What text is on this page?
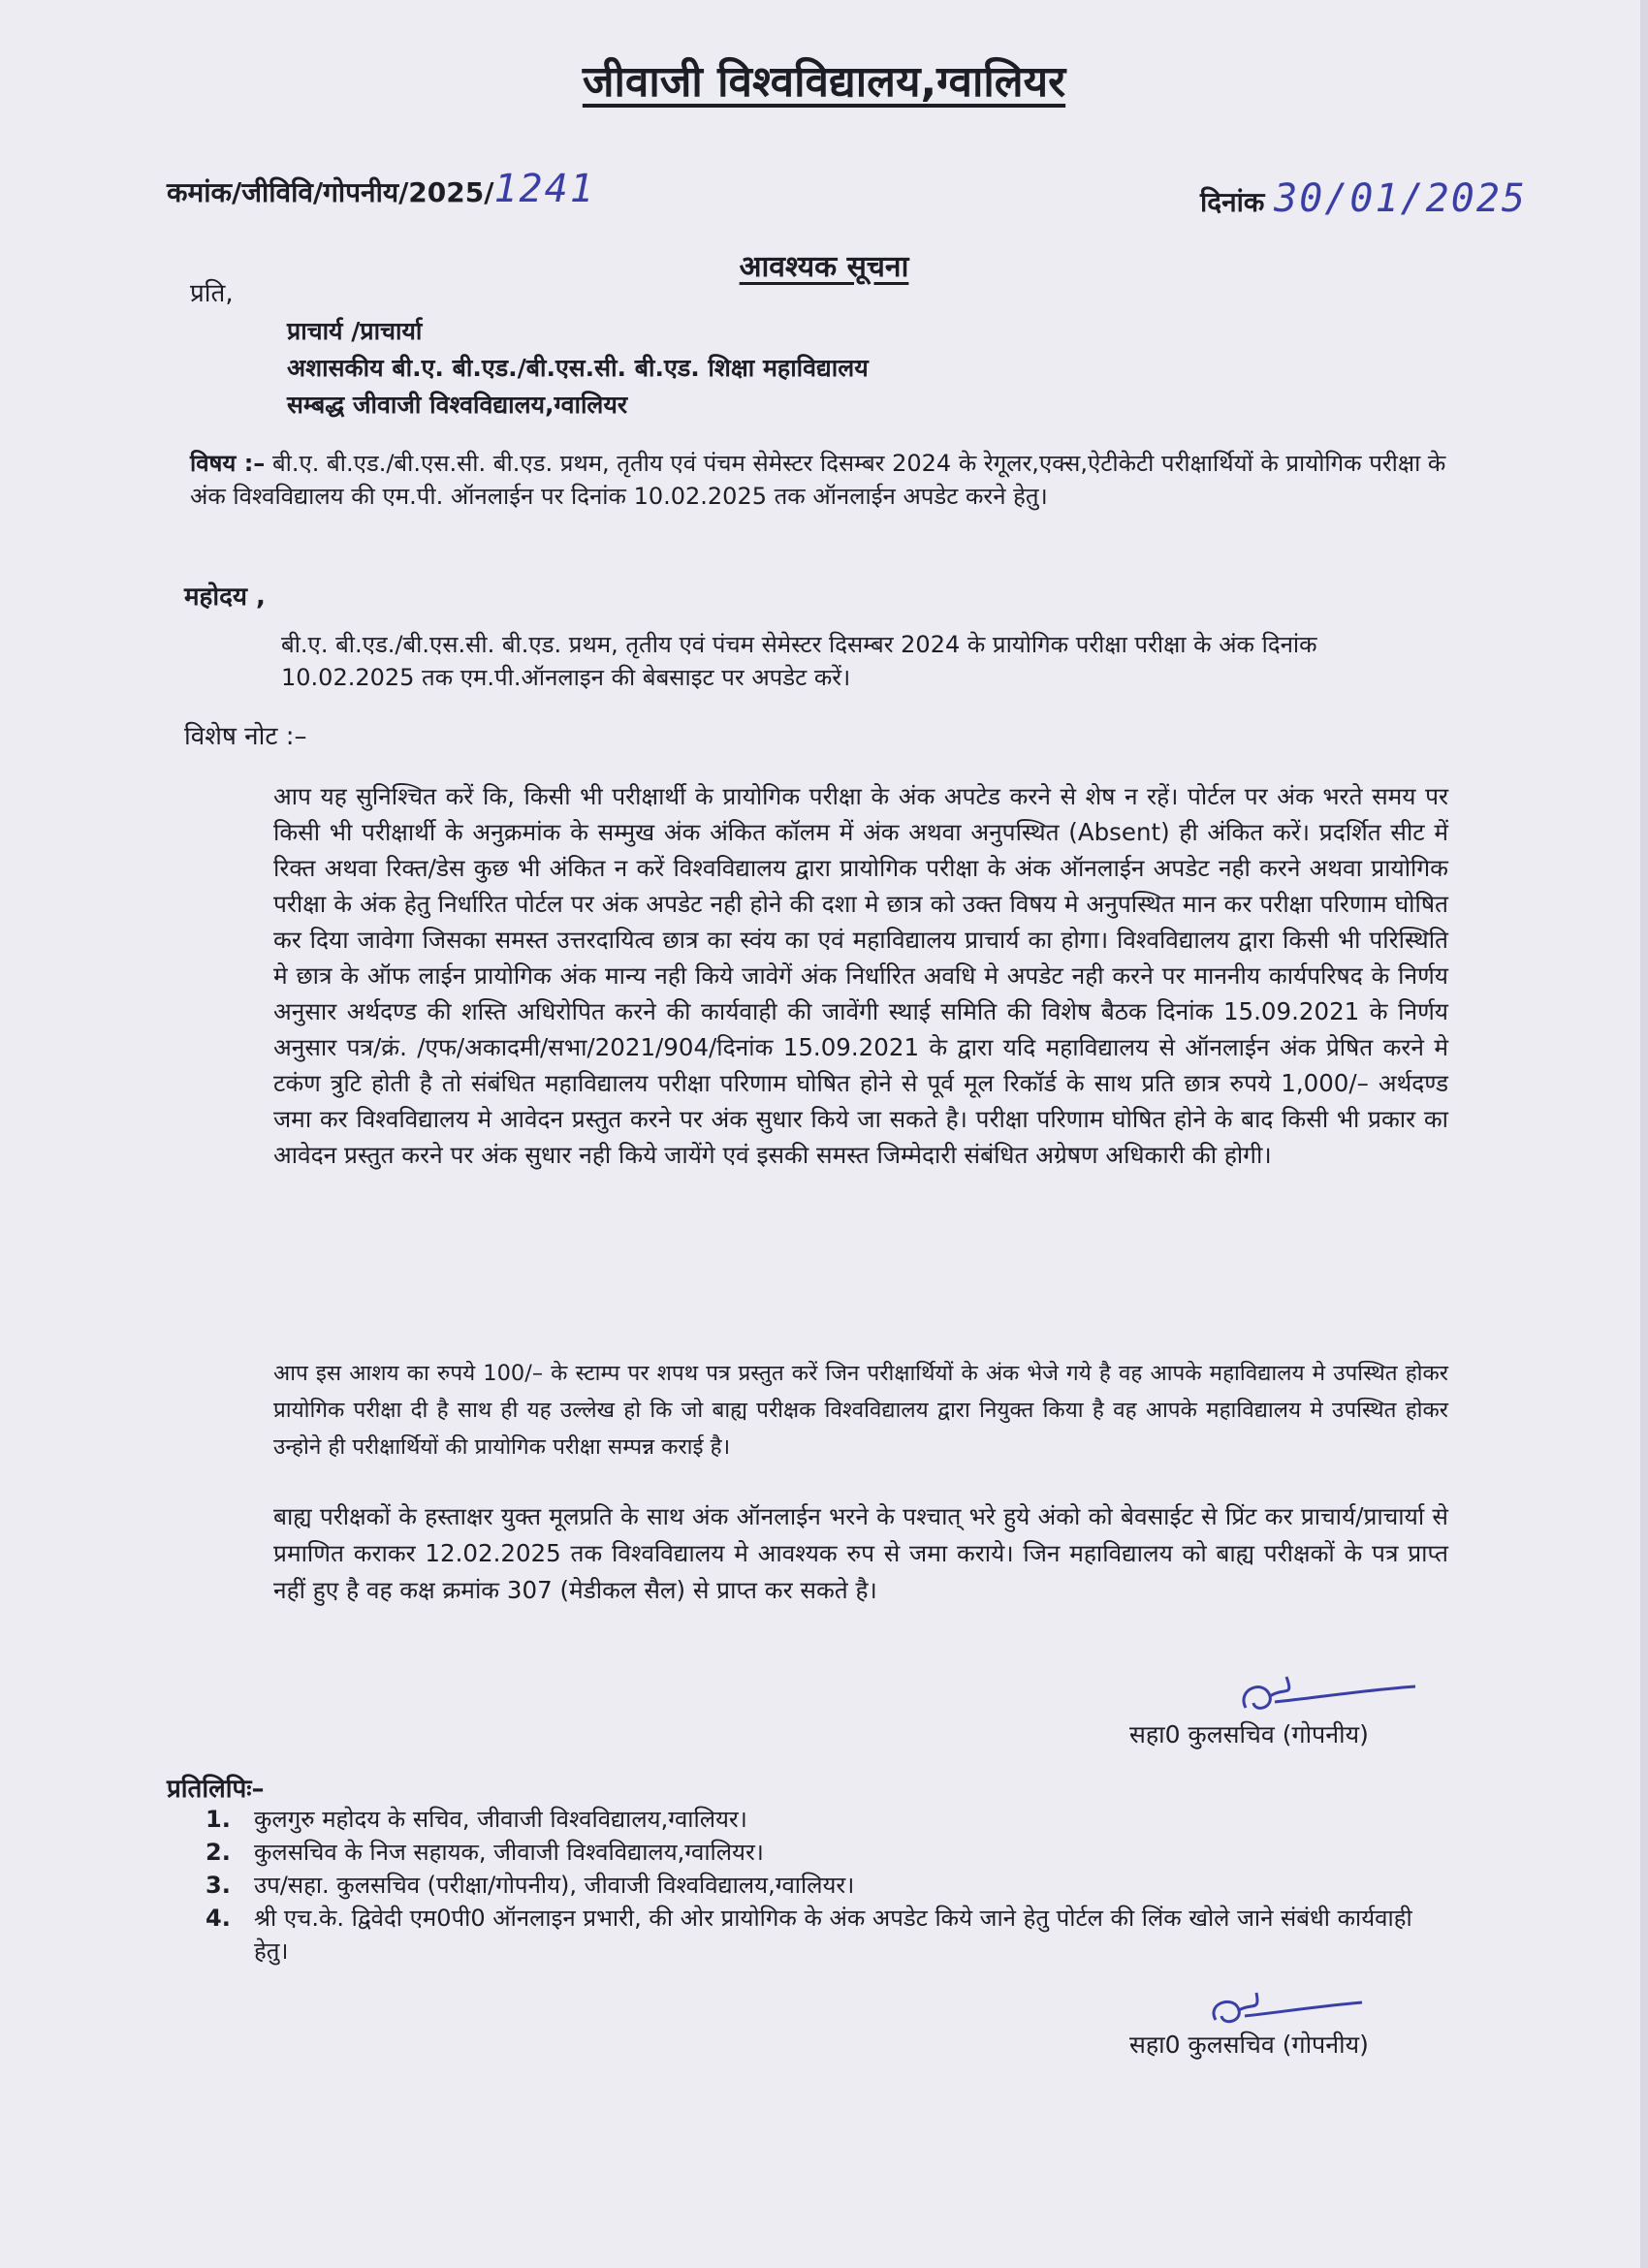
जीवाजी विश्वविद्यालय,ग्वालियर
कमांक/जीविवि/गोपनीय/2025/1241	दिनांक 30/01/2025
आवश्यक सूचना
प्रति,
प्राचार्य /प्राचार्या
अशासकीय बी.ए. बी.एड./बी.एस.सी. बी.एड. शिक्षा महाविद्यालय
सम्बद्ध जीवाजी विश्वविद्यालय,ग्वालियर
विषय :– बी.ए. बी.एड./बी.एस.सी. बी.एड. प्रथम, तृतीय एवं पंचम सेमेस्टर दिसम्बर 2024 के रेगूलर,एक्स,ऐटीकेटी परीक्षार्थियों के प्रायोगिक परीक्षा के अंक विश्वविद्यालय की एम.पी. ऑनलाईन पर दिनांक 10.02.2025 तक ऑनलाईन अपडेट करने हेतु।
महोदय ,
बी.ए. बी.एड./बी.एस.सी. बी.एड. प्रथम, तृतीय एवं पंचम सेमेस्टर दिसम्बर 2024 के प्रायोगिक परीक्षा परीक्षा के अंक दिनांक 10.02.2025 तक एम.पी.ऑनलाइन की बेबसाइट पर अपडेट करें।
विशेष नोट :–
आप यह सुनिश्चित करें कि, किसी भी परीक्षार्थी के प्रायोगिक परीक्षा के अंक अपटेड करने से शेष न रहें। पोर्टल पर अंक भरते समय पर किसी भी परीक्षार्थी के अनुक्रमांक के सम्मुख अंक अंकित कॉलम में अंक अथवा अनुपस्थित (Absent) ही अंकित करें। प्रदर्शित सीट में रिक्त अथवा रिक्त/डेस कुछ भी अंकित न करें विश्वविद्यालय द्वारा प्रायोगिक परीक्षा के अंक ऑनलाईन अपडेट नही करने अथवा प्रायोगिक परीक्षा के अंक हेतु निर्धारित पोर्टल पर अंक अपडेट नही होने की दशा मे छात्र को उक्त विषय मे अनुपस्थित मान कर परीक्षा परिणाम घोषित कर दिया जावेगा जिसका समस्त उत्तरदायित्व छात्र का स्वंय का एवं महाविद्यालय प्राचार्य का होगा। विश्वविद्यालय द्वारा किसी भी परिस्थिति मे छात्र के ऑफ लाईन प्रायोगिक अंक मान्य नही किये जावेगें अंक निर्धारित अवधि मे अपडेट नही करने पर माननीय कार्यपरिषद के निर्णय अनुसार अर्थदण्ड की शस्ति अधिरोपित करने की कार्यवाही की जावेंगी स्थाई समिति की विशेष बैठक दिनांक 15.09.2021 के निर्णय अनुसार पत्र/क्रं. /एफ/अकादमी/सभा/2021/904/दिनांक 15.09.2021 के द्वारा यदि महाविद्यालय से ऑनलाईन अंक प्रेषित करने मे टकंण त्रुटि होती है तो संबंधित महाविद्यालय परीक्षा परिणाम घोषित होने से पूर्व मूल रिकॉर्ड के साथ प्रति छात्र रुपये 1,000/– अर्थदण्ड जमा कर विश्वविद्यालय मे आवेदन प्रस्तुत करने पर अंक सुधार किये जा सकते है। परीक्षा परिणाम घोषित होने के बाद किसी भी प्रकार का आवेदन प्रस्तुत करने पर अंक सुधार नही किये जायेंगे एवं इसकी समस्त जिम्मेदारी संबंधित अग्रेषण अधिकारी की होगी।
आप इस आशय का रुपये 100/– के स्टाम्प पर शपथ पत्र प्रस्तुत करें जिन परीक्षार्थियों के अंक भेजे गये है वह आपके महाविद्यालय मे उपस्थित होकर प्रायोगिक परीक्षा दी है साथ ही यह उल्लेख हो कि जो बाह्य परीक्षक विश्वविद्यालय द्वारा नियुक्त किया है वह आपके महाविद्यालय मे उपस्थित होकर उन्होने ही परीक्षार्थियों की प्रायोगिक परीक्षा सम्पन्न कराई है।
बाह्य परीक्षकों के हस्ताक्षर युक्त मूलप्रति के साथ अंक ऑनलाईन भरने के पश्चात् भरे हुये अंको को बेवसाईट से प्रिंट कर प्राचार्य/प्राचार्या से प्रमाणित कराकर 12.02.2025 तक विश्वविद्यालय मे आवश्यक रुप से जमा कराये। जिन महाविद्यालय को बाह्य परीक्षकों के पत्र प्राप्त नहीं हुए है वह कक्ष क्रमांक 307 (मेडीकल सैल) से प्राप्त कर सकते है।
सहा0 कुलसचिव (गोपनीय)
प्रतिलिपिः–
1.	कुलगुरु महोदय के सचिव, जीवाजी विश्वविद्यालय,ग्वालियर।
2.	कुलसचिव के निज सहायक, जीवाजी विश्वविद्यालय,ग्वालियर।
3.	उप/सहा. कुलसचिव (परीक्षा/गोपनीय), जीवाजी विश्वविद्यालय,ग्वालियर।
4.	श्री एच.के. द्विवेदी एम0पी0 ऑनलाइन प्रभारी, की ओर प्रायोगिक के अंक अपडेट किये जाने हेतु पोर्टल की लिंक खोले जाने संबंधी कार्यवाही हेतु।
सहा0 कुलसचिव (गोपनीय)
